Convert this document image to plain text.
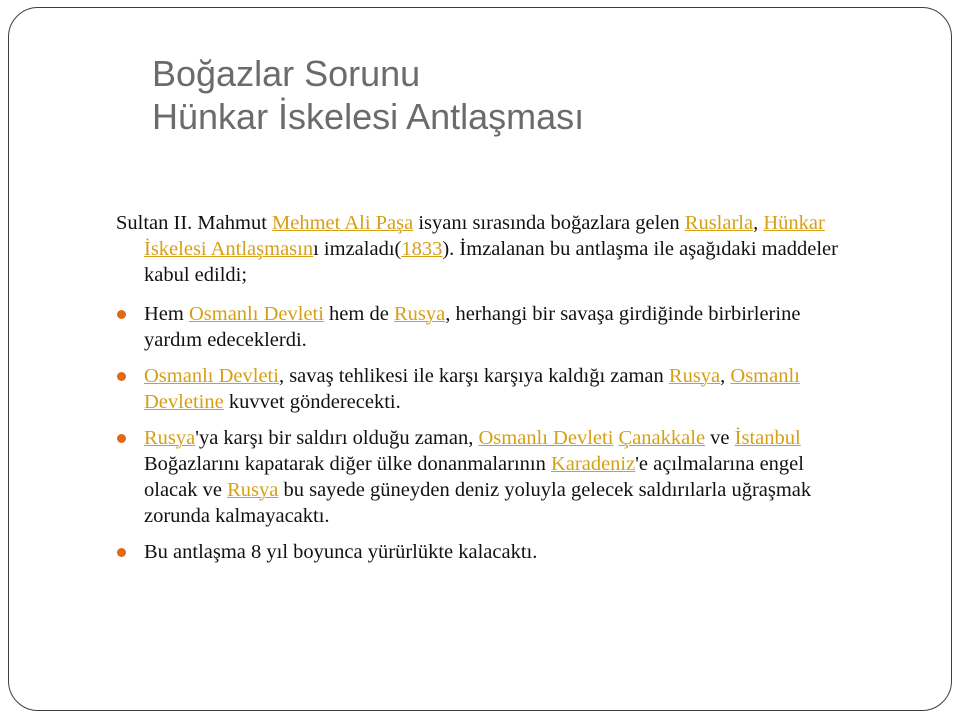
Boğazlar Sorunu
Hünkar İskelesi Antlaşması

Sultan II. Mahmut Mehmet Ali Paşa isyanı sırasında boğazlara gelen Ruslarla, Hünkar İskelesi Antlaşmasını imzaladı(1833). İmzalanan bu antlaşma ile aşağıdaki maddeler kabul edildi;

Hem Osmanlı Devleti hem de Rusya, herhangi bir savaşa girdiğinde birbirlerine yardım edeceklerdi.
Osmanlı Devleti, savaş tehlikesi ile karşı karşıya kaldığı zaman Rusya, Osmanlı Devletine kuvvet gönderecekti.
Rusya'ya karşı bir saldırı olduğu zaman, Osmanlı Devleti Çanakkale ve İstanbul Boğazlarını kapatarak diğer ülke donanmalarının Karadeniz'e açılmalarına engel olacak ve Rusya bu sayede güneyden deniz yoluyla gelecek saldırılarla uğraşmak zorunda kalmayacaktı.
Bu antlaşma 8 yıl boyunca yürürlükte kalacaktı.
